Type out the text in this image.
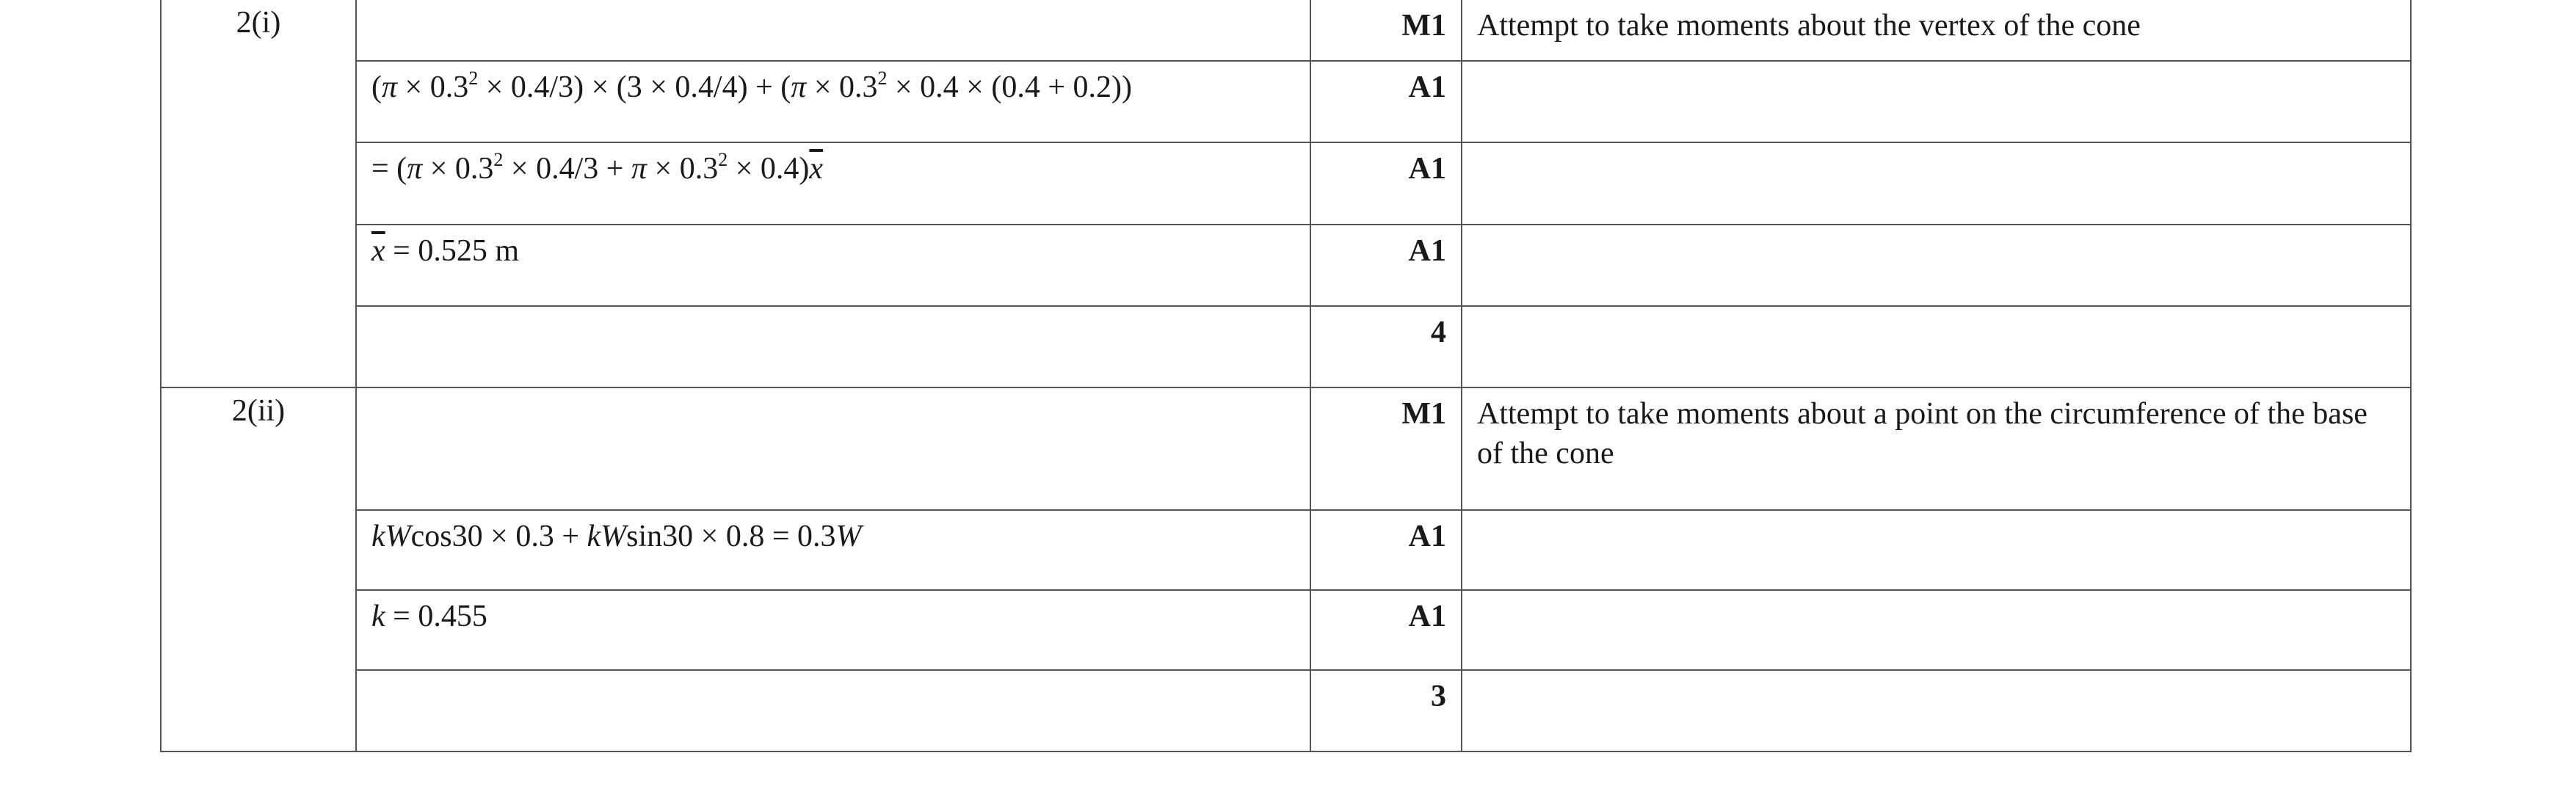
2(i)		M1	Attempt to take moments about the vertex of the cone
	$(\pi \times 0.3^2 \times 0.4/3) \times (3 \times 0.4/4) + (\pi \times 0.3^2 \times 0.4 \times (0.4 + 0.2))$	A1	
	= $(\pi \times 0.3^2 \times 0.4/3 + \pi \times 0.3^2 \times 0.4)\overline{x}$	A1	
	$\overline{x} = 0.525$ m	A1	
		4	
2(ii)		M1	Attempt to take moments about a point on the circumference of the base of the cone
	kWcos30 × 0.3 + kWsin30 × 0.8 = 0.3W	A1	
	k = 0.455	A1	
		3	
